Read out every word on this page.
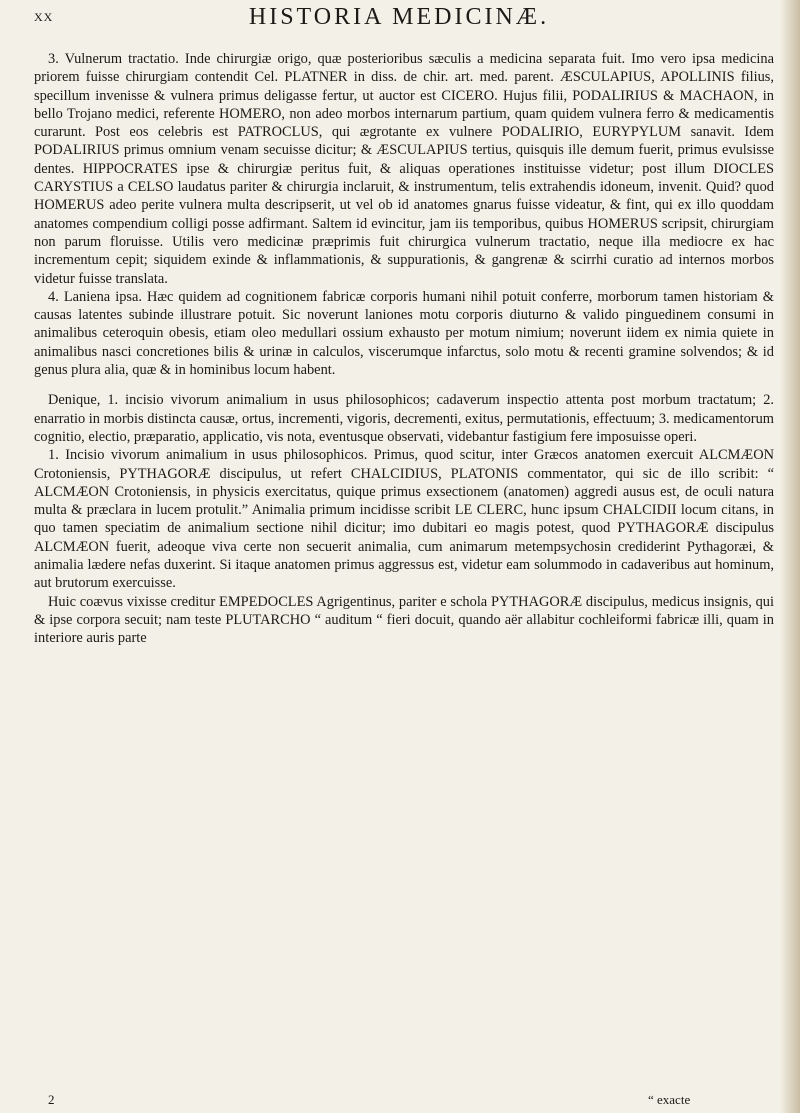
XX	HISTORIA MEDICINÆ.

3. Vulnerum tractatio. Inde chirurgiæ origo, quæ posterioribus sæculis a medicina separata fuit. Imo vero ipsa medicina priorem fuisse chirurgiam contendit Cel. PLATNER in diss. de chir. art. med. parent. ÆSCULAPIUS, APOLLINIS filius, specillum invenisse & vulnera primus deligasse fertur, ut auctor est CICERO. Hujus filii, PODALIRIUS & MACHAON, in bello Trojano medici, referente HOMERO, non adeo morbos internarum partium, quam quidem vulnera ferro & medicamentis curarunt. Post eos celebris est PATROCLUS, qui ægrotante ex vulnere PODALIRIO, EURYPYLUM sanavit. Idem PODALIRIUS primus omnium venam secuisse dicitur; & ÆSCULAPIUS tertius, quisquis ille demum fuerit, primus evulsisse dentes. HIPPOCRATES ipse & chirurgiæ peritus fuit, & aliquas operationes instituisse videtur; post illum DIOCLES CARYSTIUS a CELSO laudatus pariter & chirurgia inclaruit, & instrumentum, telis extrahendis idoneum, invenit. Quid? quod HOMERUS adeo perite vulnera multa descripserit, ut vel ob id anatomes gnarus fuisse videatur, & fint, qui ex illo quoddam anatomes compendium colligi posse adfirmant. Saltem id evincitur, jam iis temporibus, quibus HOMERUS scripsit, chirurgiam non parum floruisse. Utilis vero medicinæ præprimis fuit chirurgica vulnerum tractatio, neque illa mediocre ex hac incrementum cepit; siquidem exinde & inflammationis, & suppurationis, & gangrenæ & scirrhi curatio ad internos morbos videtur fuisse translata.

4. Laniena ipsa. Hæc quidem ad cognitionem fabricæ corporis humani nihil potuit conferre, morborum tamen historiam & causas latentes subinde illustrare potuit. Sic noverunt laniones motu corporis diuturno & valido pinguedinem consumi in animalibus ceteroquin obesis, etiam oleo medullari ossium exhausto per motum nimium; noverunt iidem ex nimia quiete in animalibus nasci concretiones bilis & urinæ in calculos, viscerumque infarctus, solo motu & recenti gramine solvendos; & id genus plura alia, quæ & in hominibus locum habent.

Denique, 1. incisio vivorum animalium in usus philosophicos; cadaverum inspectio attenta post morbum tractatum; 2. enarratio in morbis distincta causæ, ortus, incrementi, vigoris, decrementi, exitus, permutationis, effectuum; 3. medicamentorum cognitio, electio, præparatio, applicatio, vis nota, eventusque observati, videbantur fastigium fere imposuisse operi.

1. Incisio vivorum animalium in usus philosophicos. Primus, quod scitur, inter Græcos anatomen exercuit ALCMÆON Crotoniensis, PYTHAGORÆ discipulus, ut refert CHALCIDIUS, PLATONIS commentator, qui sic de illo scribit: “ ALCMÆON Crotoniensis, in physicis exercitatus, quique primus exsectionem (anatomen) aggredi ausus est, de oculi natura multa & præclara in lucem protulit.” Animalia primum incidisse scribit LE CLERC, hunc ipsum CHALCIDII locum citans, in quo tamen speciatim de animalium sectione nihil dicitur; imo dubitari eo magis potest, quod PYTHAGORÆ discipulus ALCMÆON fuerit, adeoque viva certe non secuerit animalia, cum animarum metempsychosin crediderint Pythagoræi, & animalia lædere nefas duxerint. Si itaque anatomen primus aggressus est, videtur eam solummodo in cadaveribus aut hominum, aut brutorum exercuisse.

Huic coævus vixisse creditur EMPEDOCLES Agrigentinus, pariter e schola PYTHAGORÆ discipulus, medicus insignis, qui & ipse corpora secuit; nam teste PLUTARCHO “ auditum “ fieri docuit, quando aër allabitur cochleiformi fabricæ illi, quam in interiore auris parte

2	“ exacte
